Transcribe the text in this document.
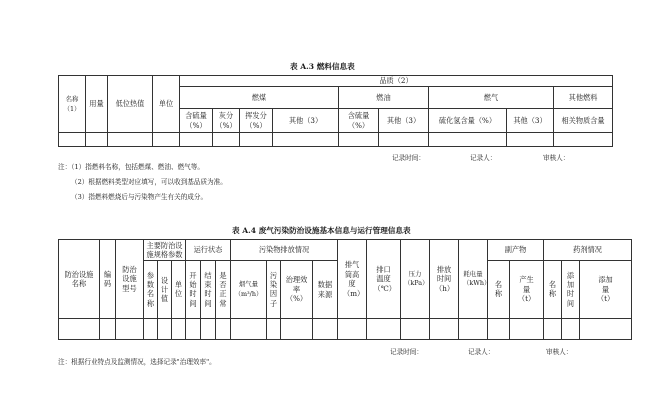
表 A.3 燃料信息表
名称（1）	用量	低位热值	单位	品质（2）								
				燃煤				燃油		燃气		其他燃料
				含硫量（%）	灰分（%）	挥发分（%）	其他（3）	含硫量（%）	其他（3）	硫化氢含量（%）	其他（3）	相关物质含量

记录时间：	记录人：	审核人：
注：（1）指燃料名称，包括燃煤、燃油、燃气等。
（2）根据燃料类型对应填写，可以收到基品质为准。
（3）指燃料燃烧后与污染物产生有关的成分。
表 A.4 废气污染防治设施基本信息与运行管理信息表
防治设施名称	编码	防治设施型号	主要防治设施规格参数			运行状态			污染物排放情况				排气筒高度（m）	排口温度（℃）	压力（kPa）	排放时间（h）	耗电量（kWh）	副产物		药剂情况		

			参数名称	设计值	单位	开始时间	结束时间	是否正常	烟气量（m³/h）	污染因子	治理效率（%）	数据来源						名称	产生量（t）	名称	添加时间	添加量（t）

记录时间：	记录人：	审核人：
注：根据行业特点及监测情况，选择记录"治理效率"。
